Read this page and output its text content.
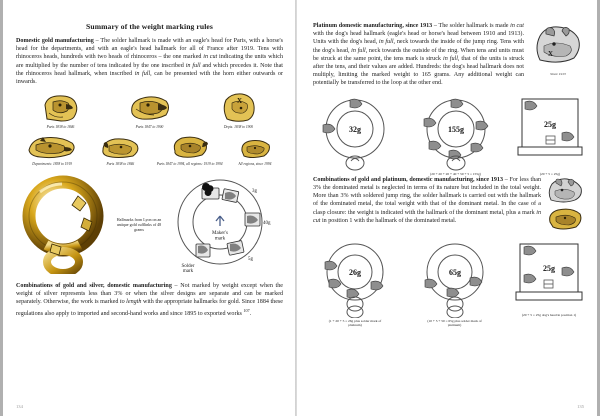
Summary of the weight marking rules

Domestic gold manufacturing – The solder hallmark is made with an eagle's head for Paris, with a horse's head for the departments, and with an eagle's head hallmark for all of France after 1919. Tens with rhinoceros heads, hundreds with two heads of rhinoceros – the one marked in cut indicating the units which are multiplied by the number of tens indicated by the one inscribed in full and which precedes it. Note that the rhinoceros head hallmark, when inscribed in full, can be presented with the horn either outwards or inwards.

Paris 1838 to 1846	Paris 1847 to 1900
X
Depts. 1838 to 1900
Departments: 1838 to 1919	Paris 1838 to 1846	Paris 1847 to 1994, all regions: 1919 to 1994	All regions, since 1994
Hallmarks from Lyon on an antique gold cufflinks of 48 grams
Maker's
mark
3g
40g
5g
Solder
mark

Combinations of gold and silver, domestic manufacturing – Not marked by weight except when the weight of silver represents less than 3% or when the silver designs are separate and can be marked separately. Otherwise, the work is marked to length with the appropriate hallmarks for gold. Since 1884 these regulations also apply to imported and second-hand works and since 1895 to exported works $^{107}$.

134
X
Since 1913

Platinum domestic manufacturing, since 1913 – The solder hallmark is made in cut with the dog's head hallmark (eagle's head or horse's head between 1910 and 1913). Units with the dog's head, in full, neck towards the inside of the jump ring. Tens with the dog's head, in full, neck towards the outside of the ring. When tens and units must be struck at the same point, the tens mark is struck in full, that of the units is struck after the tens, and their values are added. Hundreds: the dog's head hallmark does not multiply, limiting the marked weight to 165 grams. Any additional weight can potentially be transferred to the loop at the other end.

32g	155g
(20 + 20 + 20 + 40 + 50 + 5 = 155g)
25g
(20 + 5 = 25g)

Combinations of gold and platinum, domestic manufacturing, since 1913 – For less than 3% the dominated metal is neglected in terms of its nature but included in the total weight. More than 3% with soldered jump ring, the solder hallmark is carried out with the hallmark of the dominated metal, the total weight with that of the dominant metal. In the case of a clasp closure: the weight is indicated with the hallmark of the dominant metal, plus a mark in cut in position 1 with the hallmark of the dominated metal.

26g
(1 + 20 + 5 = 26g plus solder mark of platinum)
65g
(10 + 5 + 50 = 65g plus solder mark of platinum)
25g
(20 + 5 = 25g dog's head in position 1)
135
